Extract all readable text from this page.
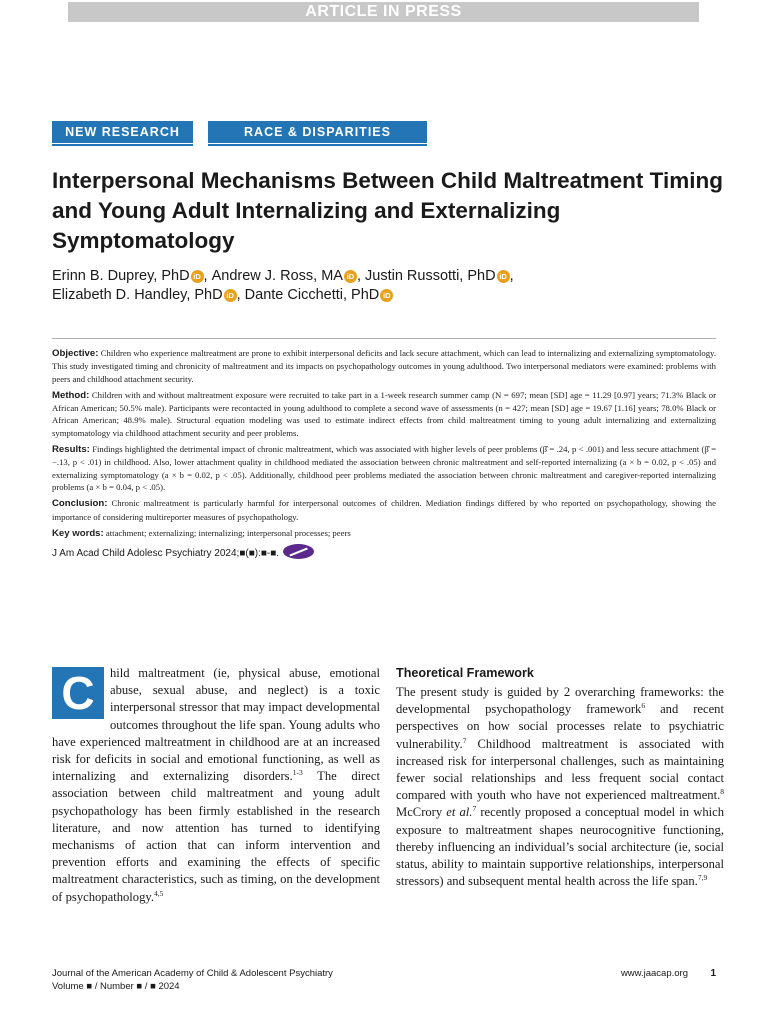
ARTICLE IN PRESS
NEW RESEARCH	RACE & DISPARITIES
Interpersonal Mechanisms Between Child Maltreatment Timing and Young Adult Internalizing and Externalizing Symptomatology
Erinn B. Duprey, PhD iD , Andrew J. Ross, MA iD , Justin Russotti, PhD iD ,
Elizabeth D. Handley, PhD iD , Dante Cicchetti, PhD iD

Objective: Children who experience maltreatment are prone to exhibit interpersonal deficits and lack secure attachment, which can lead to internalizing and externalizing symptomatology. This study investigated timing and chronicity of maltreatment and its impacts on psychopathology outcomes in young adulthood. Two interpersonal mediators were examined: problems with peers and childhood attachment security.

Method: Children with and without maltreatment exposure were recruited to take part in a 1-week research summer camp (N = 697; mean [SD] age = 11.29 [0.97] years; 71.3% Black or African American; 50.5% male). Participants were recontacted in young adulthood to complete a second wave of assessments (n = 427; mean [SD] age = 19.67 [1.16] years; 78.0% Black or African American; 48.9% male). Structural equation modeling was used to estimate indirect effects from child maltreatment timing to young adult internalizing and externalizing symptomatology via childhood attachment security and peer problems.

Results: Findings highlighted the detrimental impact of chronic maltreatment, which was associated with higher levels of peer problems (β̂ = .24, p < .001) and less secure attachment (β̂ = −.13, p < .01) in childhood. Also, lower attachment quality in childhood mediated the association between chronic maltreatment and self-reported internalizing (a × b = 0.02, p < .05) and externalizing symptomatology (a × b = 0.02, p < .05). Additionally, childhood peer problems mediated the association between chronic maltreatment and caregiver-reported internalizing problems (a × b = 0.04, p < .05).

Conclusion: Chronic maltreatment is particularly harmful for interpersonal outcomes of children. Mediation findings differed by who reported on psychopathology, showing the importance of considering multireporter measures of psychopathology.

Key words: attachment; externalizing; internalizing; interpersonal processes; peers

J Am Acad Child Adolesc Psychiatry 2024;■(■):■-■.

C	hild maltreatment (ie, physical abuse, emotional abuse, sexual abuse, and neglect) is a toxic interpersonal stressor that may impact developmental outcomes throughout the life span. Young adults who have experienced maltreatment in childhood are at an increased risk for deficits in social and emotional functioning, as well as internalizing and externalizing disorders.$^{1-3}$ The direct association between child maltreatment and young adult psychopathology has been firmly established in the research literature, and now attention has turned to identifying mechanisms of action that can inform intervention and prevention efforts and examining the effects of specific maltreatment characteristics, such as timing, on the development of psychopathology.$^{4,5}$

Theoretical Framework

The present study is guided by 2 overarching frameworks: the developmental psychopathology framework$^6$ and recent perspectives on how social processes relate to psychiatric vulnerability.$^7$ Childhood maltreatment is associated with increased risk for interpersonal challenges, such as maintaining fewer social relationships and less frequent social contact compared with youth who have not experienced maltreatment.$^8$ McCrory et al.$^7$ recently proposed a conceptual model in which exposure to maltreatment shapes neurocognitive functioning, thereby influencing an individual’s social architecture (ie, social status, ability to maintain supportive relationships, interpersonal stressors) and subsequent mental health across the life span.$^{7,9}$

Journal of the American Academy of Child & Adolescent Psychiatry
Volume ■ / Number ■ / ■ 2024
www.jaacap.org 1
